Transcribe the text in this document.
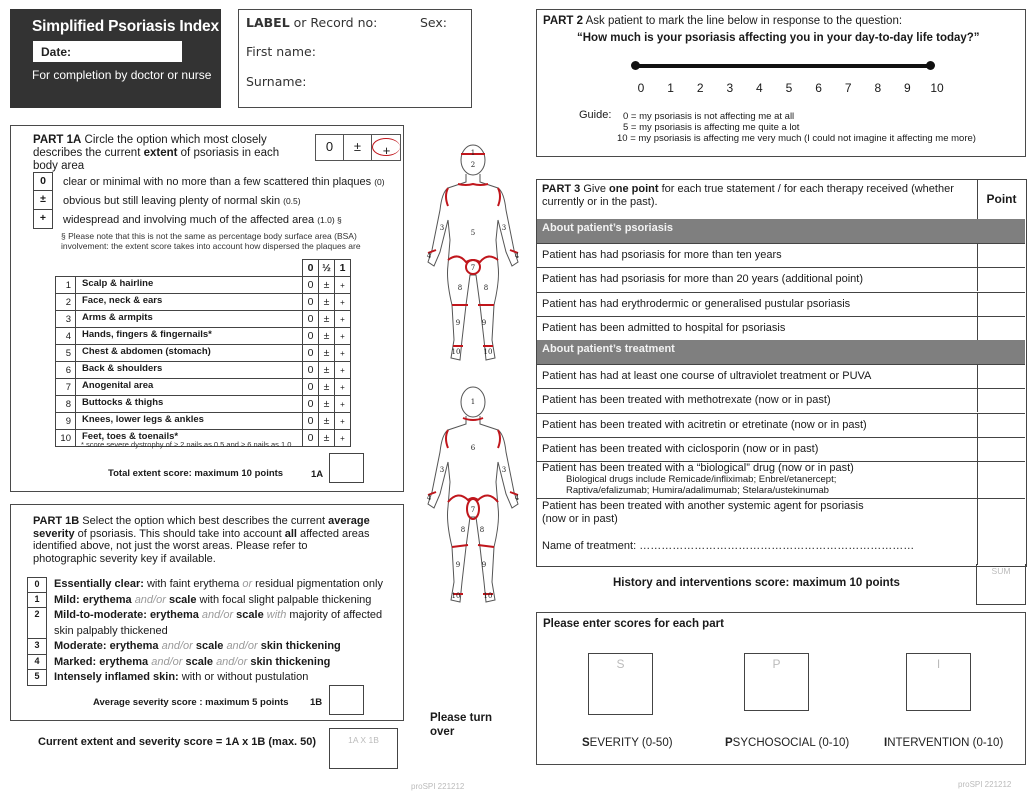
Simplified Psoriasis Index
Date:
For completion by doctor or nurse
LABEL or Record no:	Sex:
First name:
Surname:
PART 1A Circle the option which most closely describes the current extent of psoriasis in each body area
0	±	+
0	clear or minimal with no more than a few scattered thin plaques (0)
±	obvious but still leaving plenty of normal skin (0.5)
+	widespread and involving much of the affected area (1.0) §
§ Please note that this is not the same as percentage body surface area (BSA) involvement: the extent score takes into account how dispersed the plaques are
		0	½	1
1	Scalp & hairline	0	±	+
2	Face, neck & ears	0	±	+
3	Arms & armpits	0	±	+
4	Hands, fingers & fingernails*	0	±	+
5	Chest & abdomen (stomach)	0	±	+
6	Back & shoulders	0	±	+
7	Anogenital area	0	±	+
8	Buttocks & thighs	0	±	+
9	Knees, lower legs & ankles	0	±	+
10	Feet, toes & toenails*	0	±	+
* score severe dystrophy of ≥ 2 nails as 0.5 and ≥ 6 nails as 1.0
Total extent score: maximum 10 points	1A
PART 1B Select the option which best describes the current average severity of psoriasis. This should take into account all affected areas identified above, not just the worst areas. Please refer to photographic severity key if available.
0	Essentially clear: with faint erythema or residual pigmentation only
1	Mild: erythema and/or scale with focal slight palpable thickening
2	Mild-to-moderate: erythema and/or scale with majority of affected skin palpably thickened
3	Moderate: erythema and/or scale and/or skin thickening
4	Marked: erythema and/or scale and/or skin thickening
5	Intensely inflamed skin: with or without pustulation
Average severity score : maximum 5 points 1B
Current extent and severity score = 1A x 1B (max. 50)	1A X 1B
Please turn over
proSPI 221212	proSPI 221212
1
2
3	3
4	4
5
7
8	8
9	9
10	10
1
6
3	3
4	4
7
8 8
9	9
10	10
PART 2 Ask patient to mark the line below in response to the question:
“How much is your psoriasis affecting you in your day-to-day life today?”
0 1 2 3 4 5 6 7 8 9 10
Guide:	0 = my psoriasis is not affecting me at all
5 = my psoriasis is affecting me quite a lot
10 = my psoriasis is affecting me very much (I could not imagine it affecting me more)
PART 3 Give one point for each true statement / for each therapy received (whether currently or in the past).	Point
About patient’s psoriasis
Patient has had psoriasis for more than ten years
Patient has had psoriasis for more than 20 years (additional point)
Patient has had erythrodermic or generalised pustular psoriasis
Patient has been admitted to hospital for psoriasis
About patient’s treatment
Patient has had at least one course of ultraviolet treatment or PUVA
Patient has been treated with methotrexate (now or in past)
Patient has been treated with acitretin or etretinate (now or in past)
Patient has been treated with ciclosporin (now or in past)
Patient has been treated with a “biological” drug (now or in past)
Biological drugs include Remicade/infliximab; Enbrel/etanercept;
Raptiva/efalizumab; Humira/adalimumab; Stelara/ustekinumab
Patient has been treated with another systemic agent for psoriasis
(now or in past)
Name of treatment: …………………………………………………………………
SUM
History and interventions score: maximum 10 points
Please enter scores for each part
S	P	I
SEVERITY (0-50)	PSYCHOSOCIAL (0-10)	INTERVENTION (0-10)
